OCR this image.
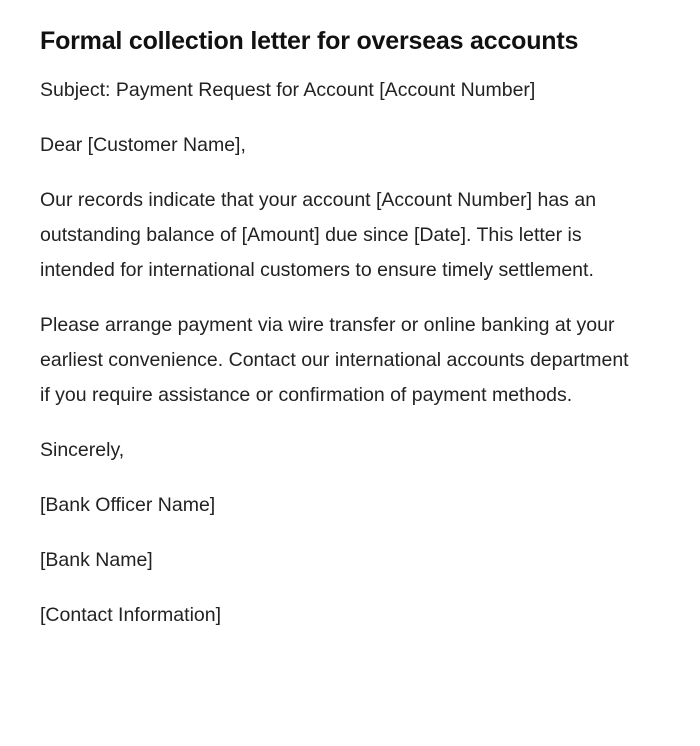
Formal collection letter for overseas accounts

Subject: Payment Request for Account [Account Number]

Dear [Customer Name],

Our records indicate that your account [Account Number] has an outstanding balance of [Amount] due since [Date]. This letter is intended for international customers to ensure timely settlement.

Please arrange payment via wire transfer or online banking at your earliest convenience. Contact our international accounts department if you require assistance or confirmation of payment methods.

Sincerely,

[Bank Officer Name]

[Bank Name]

[Contact Information]
